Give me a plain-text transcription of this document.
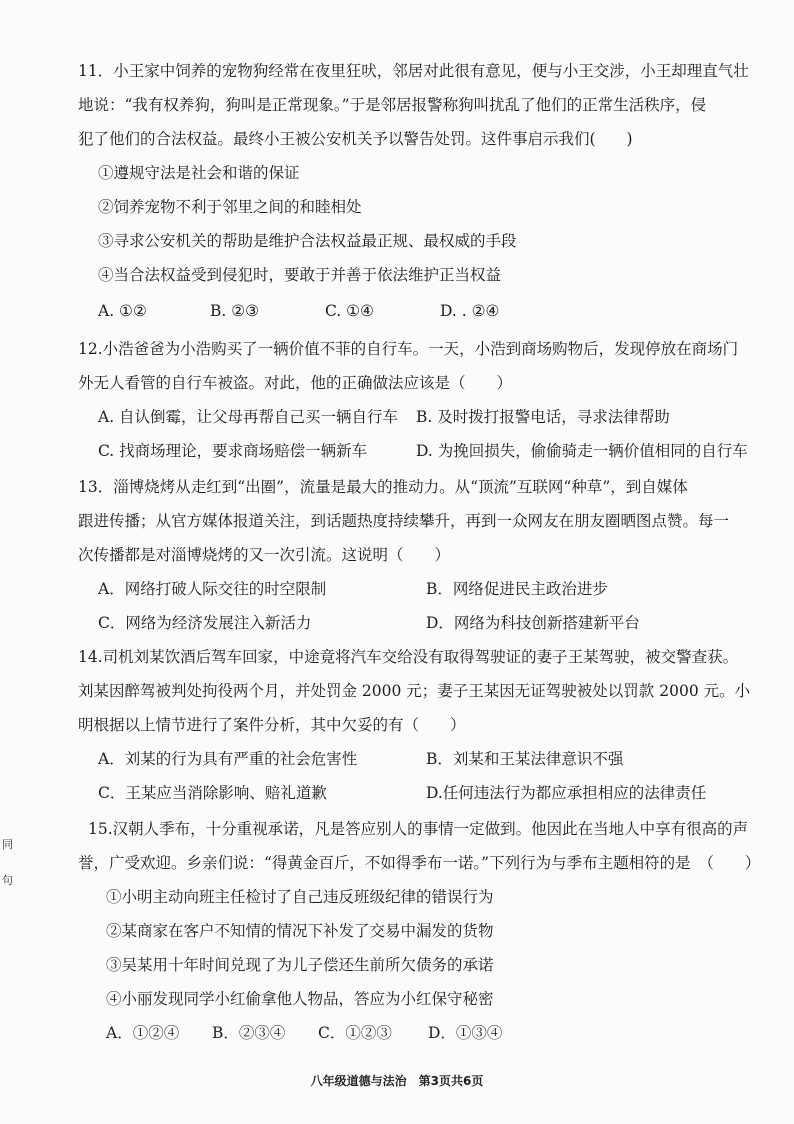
11．小王家中饲养的宠物狗经常在夜里狂吠，邻居对此很有意见，便与小王交涉，小王却理直气壮
地说：“我有权养狗，狗叫是正常现象。”于是邻居报警称狗叫扰乱了他们的正常生活秩序，侵
犯了他们的合法权益。最终小王被公安机关予以警告处罚。这件事启示我们(　　)
①遵规守法是社会和谐的保证
②饲养宠物不利于邻里之间的和睦相处
③寻求公安机关的帮助是维护合法权益最正规、最权威的手段
④当合法权益受到侵犯时，要敢于并善于依法维护正当权益
A. ①②	B. ②③	C. ①④	D. . ②④
12.小浩爸爸为小浩购买了一辆价值不菲的自行车。一天，小浩到商场购物后，发现停放在商场门
外无人看管的自行车被盗。对此，他的正确做法应该是（　　）
A. 自认倒霉，让父母再帮自己买一辆自行车 B. 及时拨打报警电话，寻求法律帮助
C. 找商场理论，要求商场赔偿一辆新车	D. 为挽回损失，偷偷骑走一辆价值相同的自行车
13．淄博烧烤从走红到“出圈”，流量是最大的推动力。从“顶流”互联网“种草”，到自媒体
跟进传播；从官方媒体报道关注，到话题热度持续攀升，再到一众网友在朋友圈晒图点赞。每一
次传播都是对淄博烧烤的又一次引流。这说明（　　）
A．网络打破人际交往的时空限制	B．网络促进民主政治进步
C．网络为经济发展注入新活力	D．网络为科技创新搭建新平台
14.司机刘某饮酒后驾车回家，中途竟将汽车交给没有取得驾驶证的妻子王某驾驶，被交警查获。
刘某因醉驾被判处拘役两个月，并处罚金 2000 元；妻子王某因无证驾驶被处以罚款 2000 元。小
明根据以上情节进行了案件分析，其中欠妥的有（　　）
A．刘某的行为具有严重的社会危害性	B．刘某和王某法律意识不强
C．王某应当消除影响、赔礼道歉	D.任何违法行为都应承担相应的法律责任
15.汉朝人季布，十分重视承诺，凡是答应别人的事情一定做到。他因此在当地人中享有很高的声
誉，广受欢迎。乡亲们说：“得黄金百斤，不如得季布一诺。”下列行为与季布主题相符的是　（　　）
①小明主动向班主任检讨了自己违反班级纪律的错误行为
②某商家在客户不知情的情况下补发了交易中漏发的货物
③吴某用十年时间兑现了为儿子偿还生前所欠债务的承诺
④小丽发现同学小红偷拿他人物品，答应为小红保守秘密
A．①②④ B．②③④ C．①②③ D．①③④
同
句
八年级道德与法治　第3页共6页
